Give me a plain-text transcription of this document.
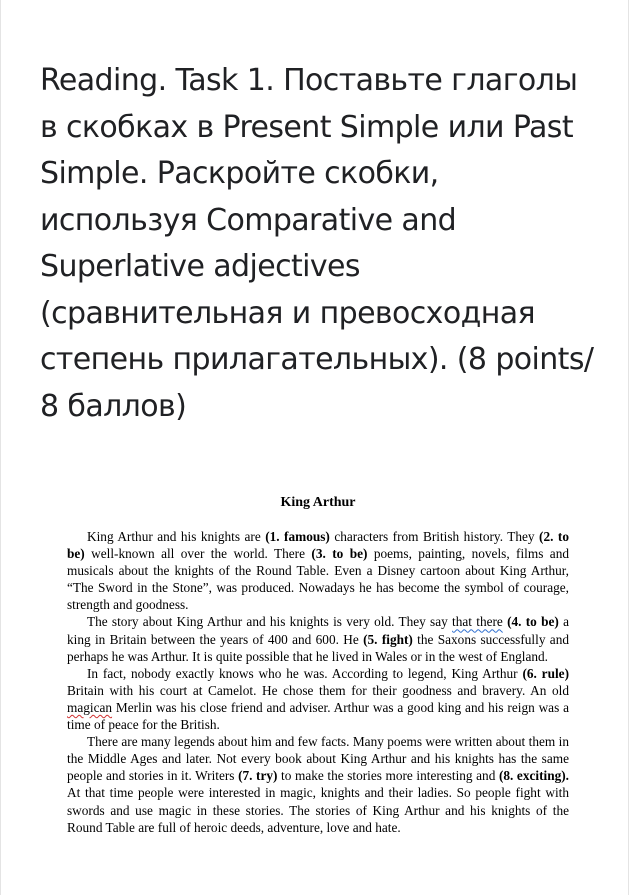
Reading. Task 1. Поставьте глаголы
в скобках в Present Simple или Past
Simple. Раскройте скобки,
используя Comparative and
Superlative adjectives
(сравнительная и превосходная
степень прилагательных). (8 points/
8 баллов)
King Arthur

King Arthur and his knights are (1. famous) characters from British history. They (2. to be) well-known all over the world. There (3. to be) poems, painting, novels, films and musicals about the knights of the Round Table. Even a Disney cartoon about King Arthur, “The Sword in the Stone”, was produced. Nowadays he has become the symbol of courage, strength and goodness.

The story about King Arthur and his knights is very old. They say that there (4. to be) a king in Britain between the years of 400 and 600. He (5. fight) the Saxons successfully and perhaps he was Arthur. It is quite possible that he lived in Wales or in the west of England.

In fact, nobody exactly knows who he was. According to legend, King Arthur (6. rule) Britain with his court at Camelot. He chose them for their goodness and bravery. An old magican Merlin was his close friend and adviser. Arthur was a good king and his reign was a time of peace for the British.

There are many legends about him and few facts. Many poems were written about them in the Middle Ages and later. Not every book about King Arthur and his knights has the same people and stories in it. Writers (7. try) to make the stories more interesting and (8. exciting). At that time people were interested in magic, knights and their ladies. So people fight with swords and use magic in these stories. The stories of King Arthur and his knights of the Round Table are full of heroic deeds, adventure, love and hate.
